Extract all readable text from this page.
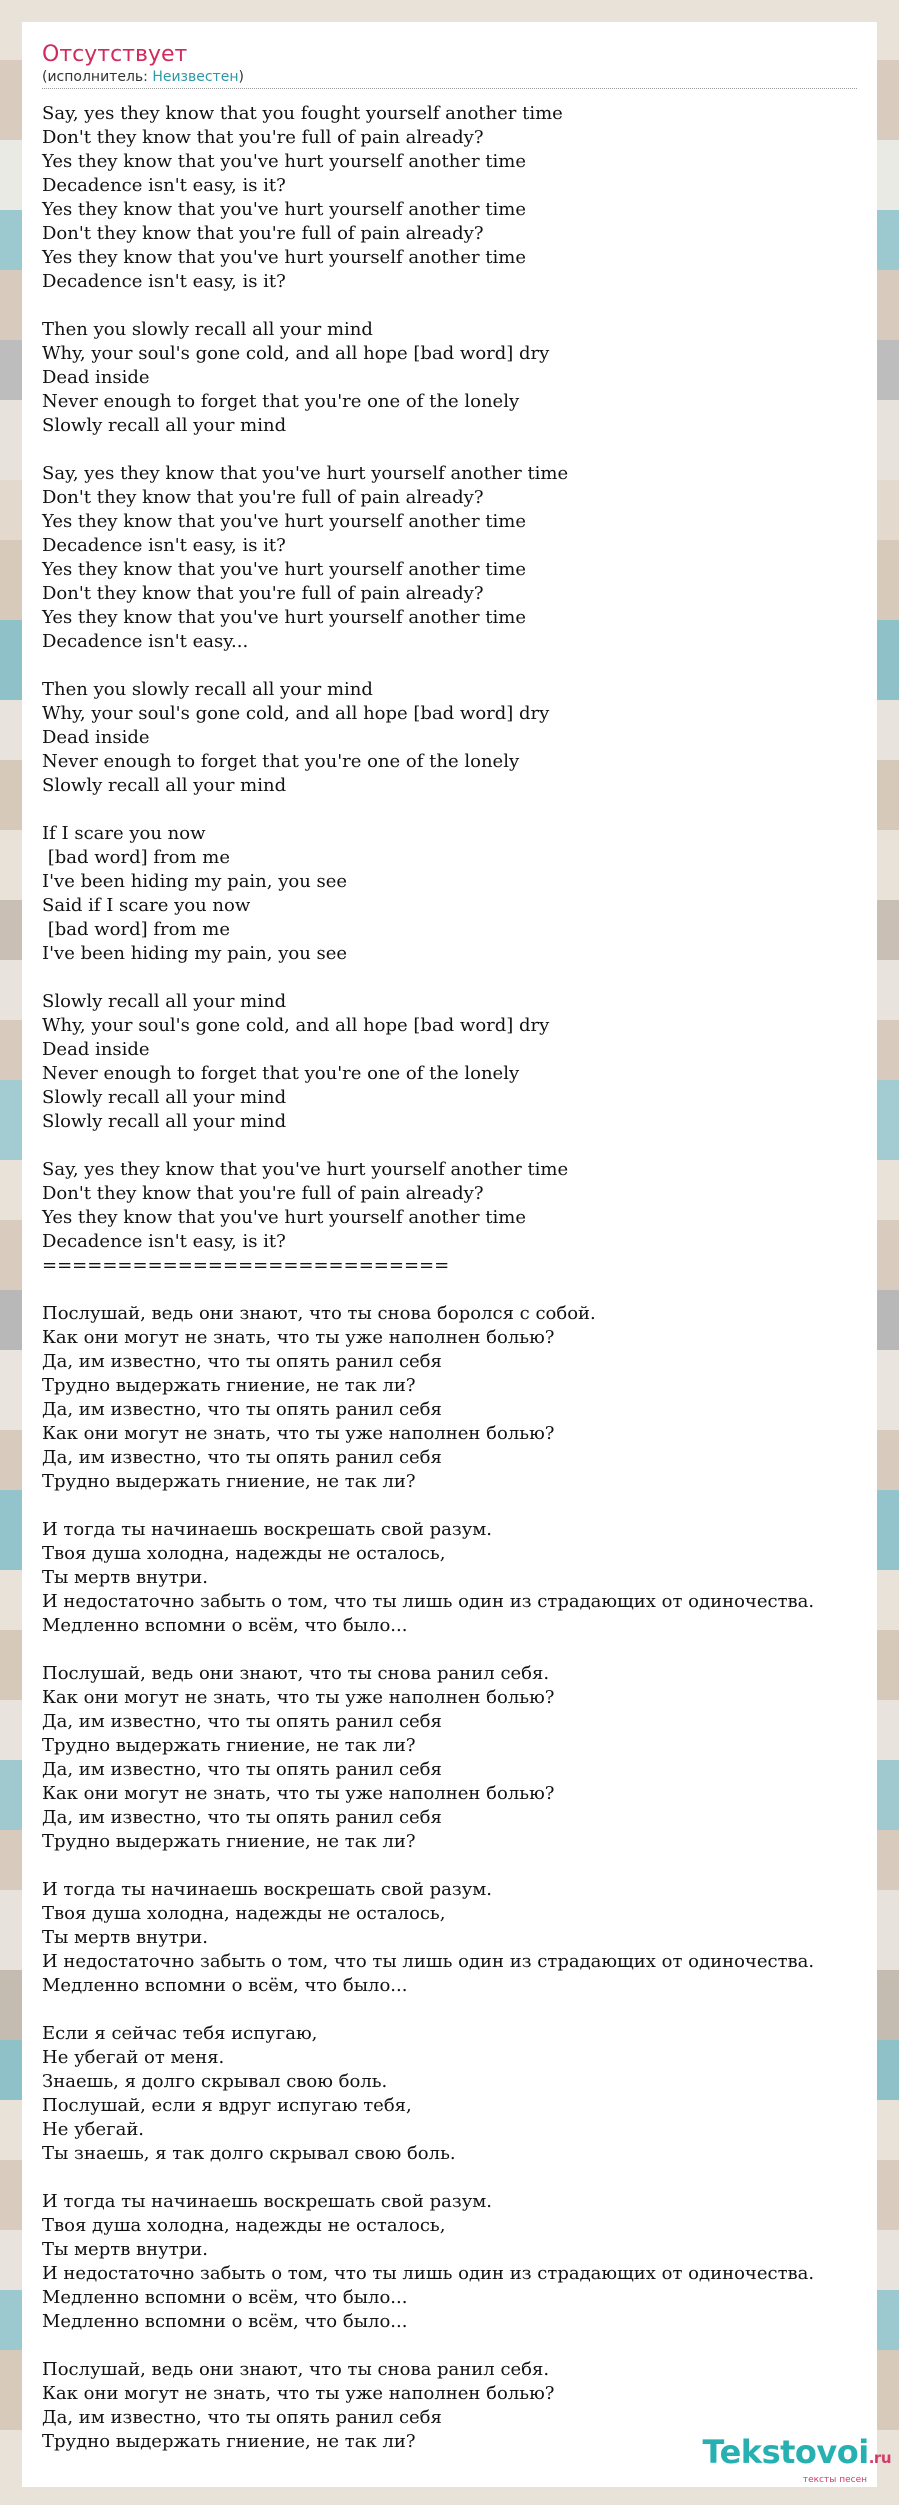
Отсутствует
(исполнитель: Неизвестен)
Say, yes they know that you fought yourself another time
Don't they know that you're full of pain already?
Yes they know that you've hurt yourself another time
Decadence isn't easy, is it?
Yes they know that you've hurt yourself another time
Don't they know that you're full of pain already?
Yes they know that you've hurt yourself another time
Decadence isn't easy, is it?

Then you slowly recall all your mind
Why, your soul's gone cold, and all hope [bad word] dry
Dead inside
Never enough to forget that you're one of the lonely
Slowly recall all your mind

Say, yes they know that you've hurt yourself another time
Don't they know that you're full of pain already?
Yes they know that you've hurt yourself another time
Decadence isn't easy, is it?
Yes they know that you've hurt yourself another time
Don't they know that you're full of pain already?
Yes they know that you've hurt yourself another time
Decadence isn't easy...

Then you slowly recall all your mind
Why, your soul's gone cold, and all hope [bad word] dry
Dead inside
Never enough to forget that you're one of the lonely
Slowly recall all your mind

If I scare you now
[bad word] from me
I've been hiding my pain, you see
Said if I scare you now
[bad word] from me
I've been hiding my pain, you see

Slowly recall all your mind
Why, your soul's gone cold, and all hope [bad word] dry
Dead inside
Never enough to forget that you're one of the lonely
Slowly recall all your mind
Slowly recall all your mind

Say, yes they know that you've hurt yourself another time
Don't they know that you're full of pain already?
Yes they know that you've hurt yourself another time
Decadence isn't easy, is it?
===========================

Послушай, ведь они знают, что ты снова боролся с собой.
Как они могут не знать, что ты уже наполнен болью?
Да, им известно, что ты опять ранил себя
Трудно выдержать гниение, не так ли?
Да, им известно, что ты опять ранил себя
Как они могут не знать, что ты уже наполнен болью?
Да, им известно, что ты опять ранил себя
Трудно выдержать гниение, не так ли?

И тогда ты начинаешь воскрешать свой разум.
Твоя душа холодна, надежды не осталось,
Ты мертв внутри.
И недостаточно забыть о том, что ты лишь один из страдающих от одиночества.
Медленно вспомни о всём, что было...

Послушай, ведь они знают, что ты снова ранил себя.
Как они могут не знать, что ты уже наполнен болью?
Да, им известно, что ты опять ранил себя
Трудно выдержать гниение, не так ли?
Да, им известно, что ты опять ранил себя
Как они могут не знать, что ты уже наполнен болью?
Да, им известно, что ты опять ранил себя
Трудно выдержать гниение, не так ли?

И тогда ты начинаешь воскрешать свой разум.
Твоя душа холодна, надежды не осталось,
Ты мертв внутри.
И недостаточно забыть о том, что ты лишь один из страдающих от одиночества.
Медленно вспомни о всём, что было...

Если я сейчас тебя испугаю,
Не убегай от меня.
Знаешь, я долго скрывал свою боль.
Послушай, если я вдруг испугаю тебя,
Не убегай.
Ты знаешь, я так долго скрывал свою боль.

И тогда ты начинаешь воскрешать свой разум.
Твоя душа холодна, надежды не осталось,
Ты мертв внутри.
И недостаточно забыть о том, что ты лишь один из страдающих от одиночества.
Медленно вспомни о всём, что было...
Медленно вспомни о всём, что было...

Послушай, ведь они знают, что ты снова ранил себя.
Как они могут не знать, что ты уже наполнен болью?
Да, им известно, что ты опять ранил себя
Трудно выдержать гниение, не так ли?	Tekstovoi.ru
тексты песен
